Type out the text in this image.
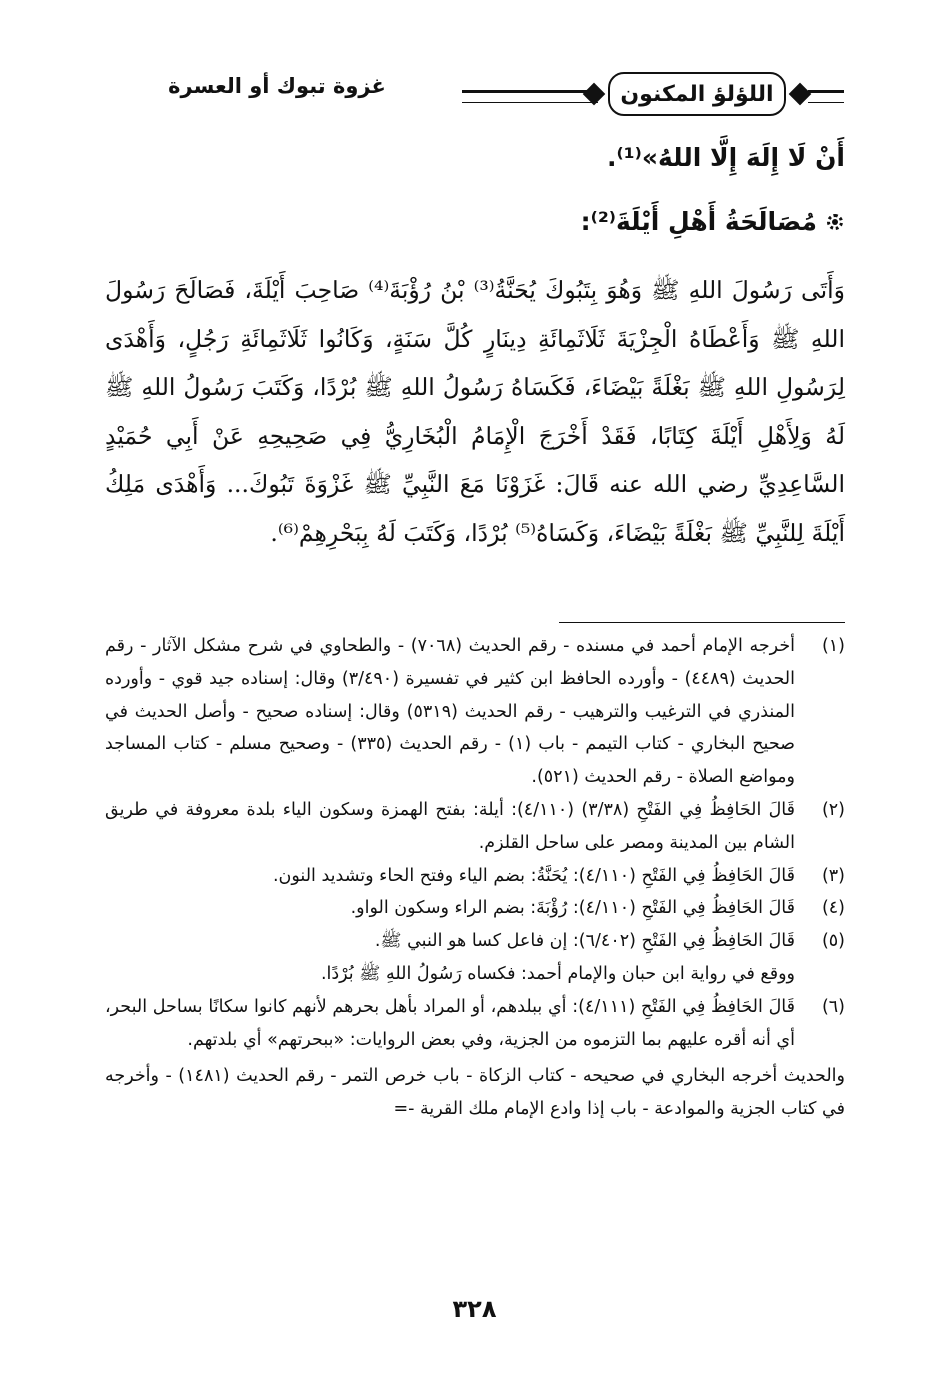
اللؤلؤ المكنون
غزوة تبوك أو العسرة

أَنْ لَا إِلَهَ إِلَّا اللهُ»⁽¹⁾.

مُصَالَحَةُ أَهْلِ أَيْلَةَ⁽²⁾:

وَأَتَى رَسُولَ اللهِ ﷺ وَهُوَ بِتَبُوكَ يُحَنَّةُ⁽³⁾ بْنُ رُؤْبَةَ⁽⁴⁾ صَاحِبَ أَيْلَةَ، فَصَالَحَ رَسُولَ اللهِ ﷺ وَأَعْطَاهُ الْجِزْيَةَ ثَلَاثَمِائَةِ دِينَارٍ كُلَّ سَنَةٍ، وَكَانُوا ثَلَاثَمِائَةِ رَجُلٍ، وَأَهْدَى لِرَسُولِ اللهِ ﷺ بَغْلَةً بَيْضَاءَ، فَكَسَاهُ رَسُولُ اللهِ ﷺ بُرْدًا، وَكَتَبَ رَسُولُ اللهِ ﷺ لَهُ وَلِأَهْلِ أَيْلَةَ كِتَابًا، فَقَدْ أَخْرَجَ الْإِمَامُ الْبُخَارِيُّ فِي صَحِيحِهِ عَنْ أَبِي حُمَيْدٍ السَّاعِدِيِّ رضي الله عنه قَالَ: غَزَوْنَا مَعَ النَّبِيِّ ﷺ غَزْوَةَ تَبُوكَ... وَأَهْدَى مَلِكُ أَيْلَةَ لِلنَّبِيِّ ﷺ بَغْلَةً بَيْضَاءَ، وَكَسَاهُ⁽⁵⁾ بُرْدًا، وَكَتَبَ لَهُ بِبَحْرِهِمْ⁽⁶⁾.

(١)
أخرجه الإمام أحمد في مسنده - رقم الحديث (٧٠٦٨) - والطحاوي في شرح مشكل الآثار - رقم الحديث (٤٤٨٩) - وأورده الحافظ ابن كثير في تفسيرة (٣/٤٩٠) وقال: إسناده جيد قوي - وأورده المنذري في الترغيب والترهيب - رقم الحديث (٥٣١٩) وقال: إسناده صحيح - وأصل الحديث في صحيح البخاري - كتاب التيمم - باب (١) - رقم الحديث (٣٣٥) - وصحيح مسلم - كتاب المساجد ومواضع الصلاة - رقم الحديث (٥٢١).
(٢)
قَالَ الحَافِظُ فِي الفَتْحِ (٣/٣٨) (٤/١١٠): أيلة: بفتح الهمزة وسكون الياء بلدة معروفة في طريق الشام بين المدينة ومصر على ساحل القلزم.
(٣)
قَالَ الحَافِظُ فِي الفَتْحِ (٤/١١٠): يُحَنَّةُ: بضم الياء وفتح الحاء وتشديد النون.
(٤)
قَالَ الحَافِظُ فِي الفَتْحِ (٤/١١٠): رُؤْبَةَ: بضم الراء وسكون الواو.
(٥)
قَالَ الحَافِظُ فِي الفَتْحِ (٦/٤٠٢): إن فاعل كسا هو النبي ﷺ.
ووقع في رواية ابن حبان والإمام أحمد: فكساه رَسُولُ اللهِ ﷺ بُرْدًا.
(٦)
قَالَ الحَافِظُ فِي الفَتْحِ (٤/١١١): أي ببلدهم، أو المراد بأهل بحرهم لأنهم كانوا سكانًا بساحل البحر، أي أنه أقره عليهم بما التزموه من الجزية، وفي بعض الروايات: «ببحرتهم» أي بلدتهم.
والحديث أخرجه البخاري في صحيحه - كتاب الزكاة - باب خرص التمر - رقم الحديث (١٤٨١) - وأخرجه في كتاب الجزية والموادعة - باب إذا وادع الإمام ملك القرية -=
٣٢٨
